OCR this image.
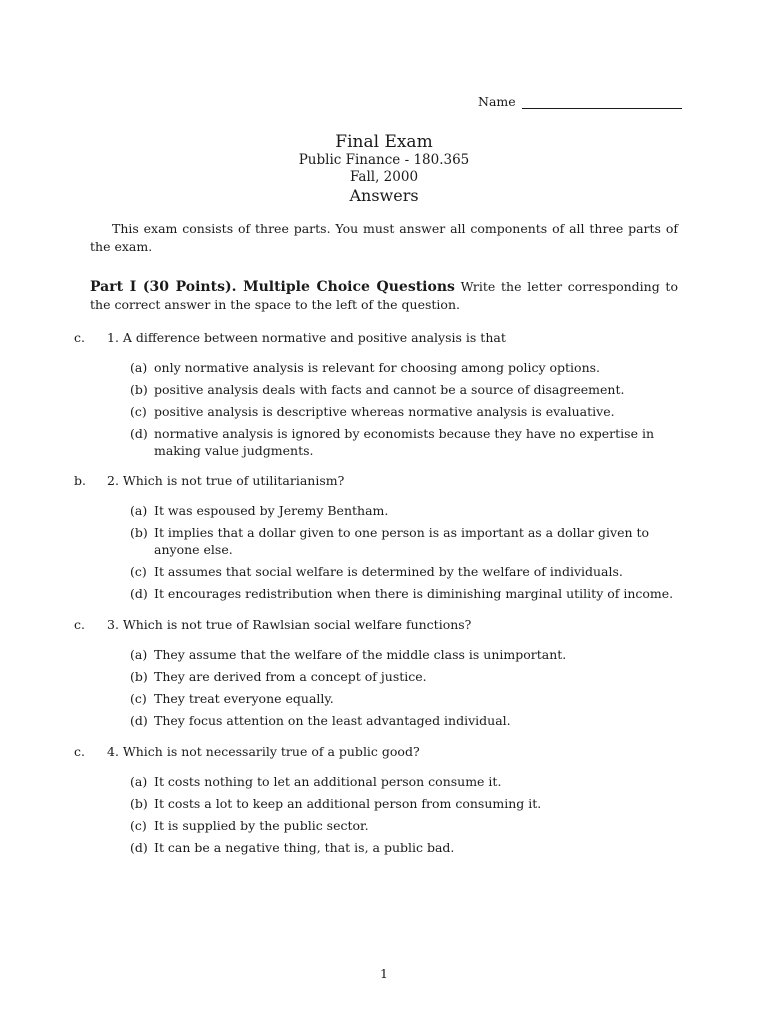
Name
Final Exam
Public Finance - 180.365
Fall, 2000
Answers
This exam consists of three parts. You must answer all components of all three parts of the exam.
Part I (30 Points). Multiple Choice Questions Write the letter corresponding to the correct answer in the space to the left of the question.
c. 1. A difference between normative and positive analysis is that
(a) only normative analysis is relevant for choosing among policy options.
(b) positive analysis deals with facts and cannot be a source of disagreement.
(c) positive analysis is descriptive whereas normative analysis is evaluative.
(d) normative analysis is ignored by economists because they have no expertise in making value judgments.
b. 2. Which is not true of utilitarianism?
(a) It was espoused by Jeremy Bentham.
(b) It implies that a dollar given to one person is as important as a dollar given to anyone else.
(c) It assumes that social welfare is determined by the welfare of individuals.
(d) It encourages redistribution when there is diminishing marginal utility of income.
c. 3. Which is not true of Rawlsian social welfare functions?
(a) They assume that the welfare of the middle class is unimportant.
(b) They are derived from a concept of justice.
(c) They treat everyone equally.
(d) They focus attention on the least advantaged individual.
c. 4. Which is not necessarily true of a public good?
(a) It costs nothing to let an additional person consume it.
(b) It costs a lot to keep an additional person from consuming it.
(c) It is supplied by the public sector.
(d) It can be a negative thing, that is, a public bad.
1
